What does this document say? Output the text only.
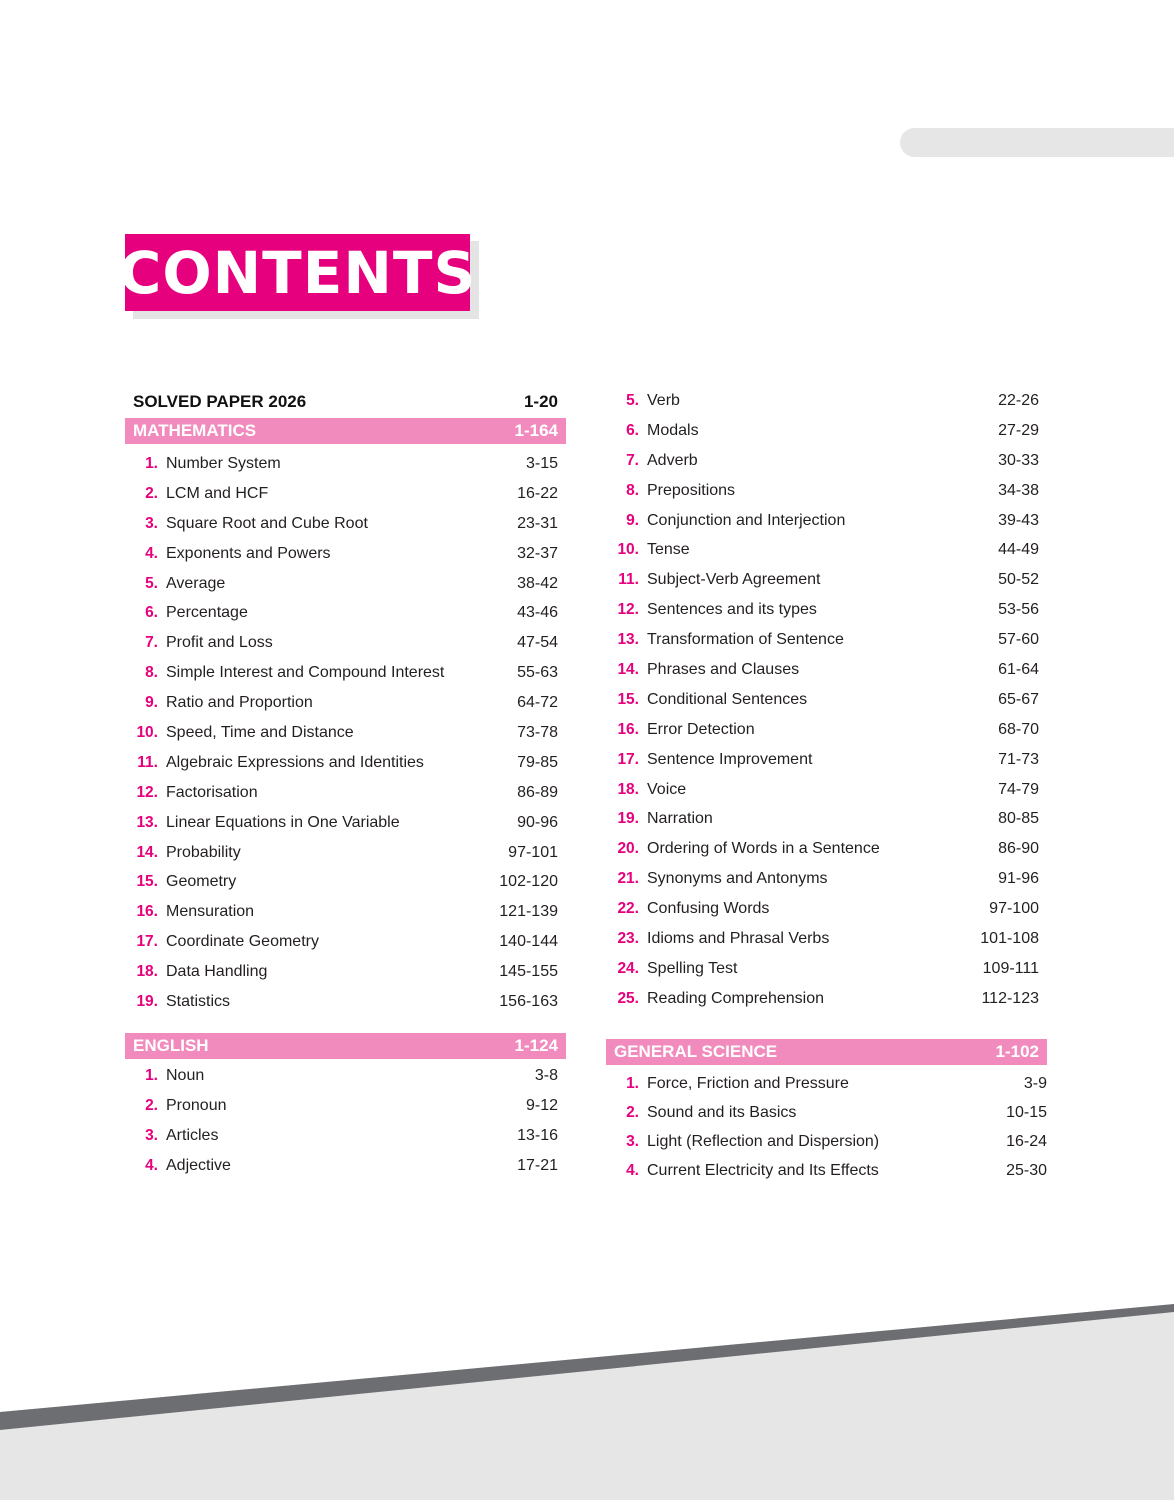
CONTENTS
SOLVED PAPER 2026	1-20
MATHEMATICS	1-164
1. Number System	3-15
2. LCM and HCF	16-22
3. Square Root and Cube Root	23-31
4. Exponents and Powers	32-37
5. Average	38-42
6. Percentage	43-46
7. Profit and Loss	47-54
8. Simple Interest and Compound Interest	55-63
9. Ratio and Proportion	64-72
10. Speed, Time and Distance	73-78
11. Algebraic Expressions and Identities	79-85
12. Factorisation	86-89
13. Linear Equations in One Variable	90-96
14. Probability	97-101
15. Geometry	102-120
16. Mensuration	121-139
17. Coordinate Geometry	140-144
18. Data Handling	145-155
19. Statistics	156-163
ENGLISH	1-124
1. Noun	3-8
2. Pronoun	9-12
3. Articles	13-16
4. Adjective	17-21
5. Verb	22-26
6. Modals	27-29
7. Adverb	30-33
8. Prepositions	34-38
9. Conjunction and Interjection	39-43
10. Tense	44-49
11. Subject-Verb Agreement	50-52
12. Sentences and its types	53-56
13. Transformation of Sentence	57-60
14. Phrases and Clauses	61-64
15. Conditional Sentences	65-67
16. Error Detection	68-70
17. Sentence Improvement	71-73
18. Voice	74-79
19. Narration	80-85
20. Ordering of Words in a Sentence	86-90
21. Synonyms and Antonyms	91-96
22. Confusing Words	97-100
23. Idioms and Phrasal Verbs	101-108
24. Spelling Test	109-111
25. Reading Comprehension	112-123
GENERAL SCIENCE	1-102
1. Force, Friction and Pressure	3-9
2. Sound and its Basics	10-15
3. Light (Reflection and Dispersion)	16-24
4. Current Electricity and Its Effects	25-30
